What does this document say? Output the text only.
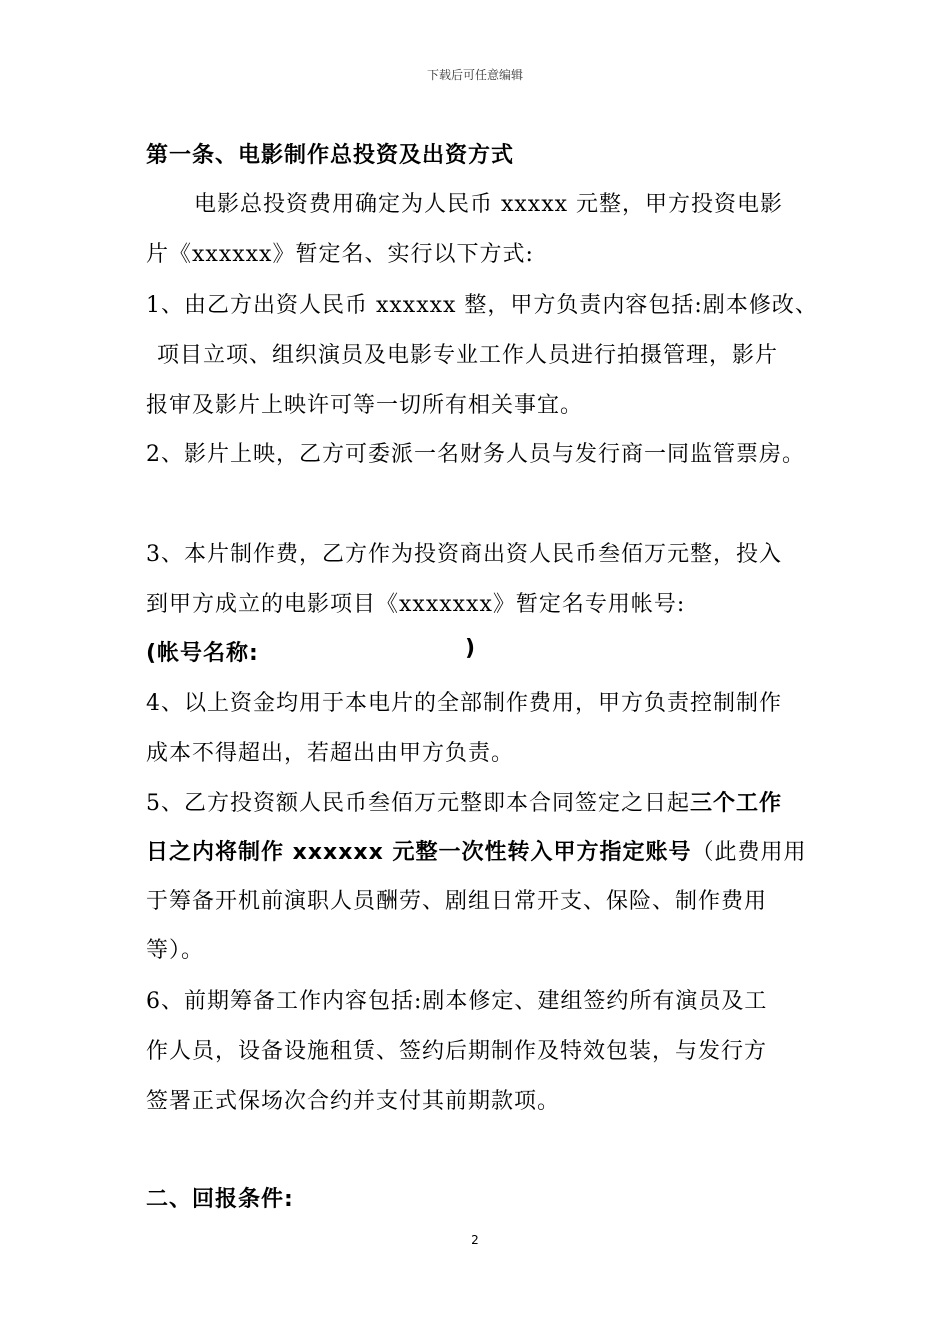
下载后可任意编辑
第一条、电影制作总投资及出资方式
电影总投资费用确定为人民币 xxxxx 元整，甲方投资电影
片《xxxxxx》暂定名、实行以下方式:
1、由乙方出资人民币 xxxxxx 整，甲方负责内容包括:剧本修改、
项目立项、组织演员及电影专业工作人员进行拍摄管理，影片
报审及影片上映许可等一切所有相关事宜。
2、影片上映，乙方可委派一名财务人员与发行商一同监管票房。
3、本片制作费，乙方作为投资商出资人民币叁佰万元整，投入
到甲方成立的电影项目《xxxxxxx》暂定名专用帐号:
(帐号名称:	)
4、以上资金均用于本电片的全部制作费用，甲方负责控制制作
成本不得超出，若超出由甲方负责。
5、乙方投资额人民币叁佰万元整即本合同签定之日起三个工作
日之内将制作 xxxxxx 元整一次性转入甲方指定账号（此费用用
于筹备开机前演职人员酬劳、剧组日常开支、保险、制作费用
等）。
6、前期筹备工作内容包括:剧本修定、建组签约所有演员及工
作人员，设备设施租赁、签约后期制作及特效包装，与发行方
签署正式保场次合约并支付其前期款项。
二、回报条件:
2
